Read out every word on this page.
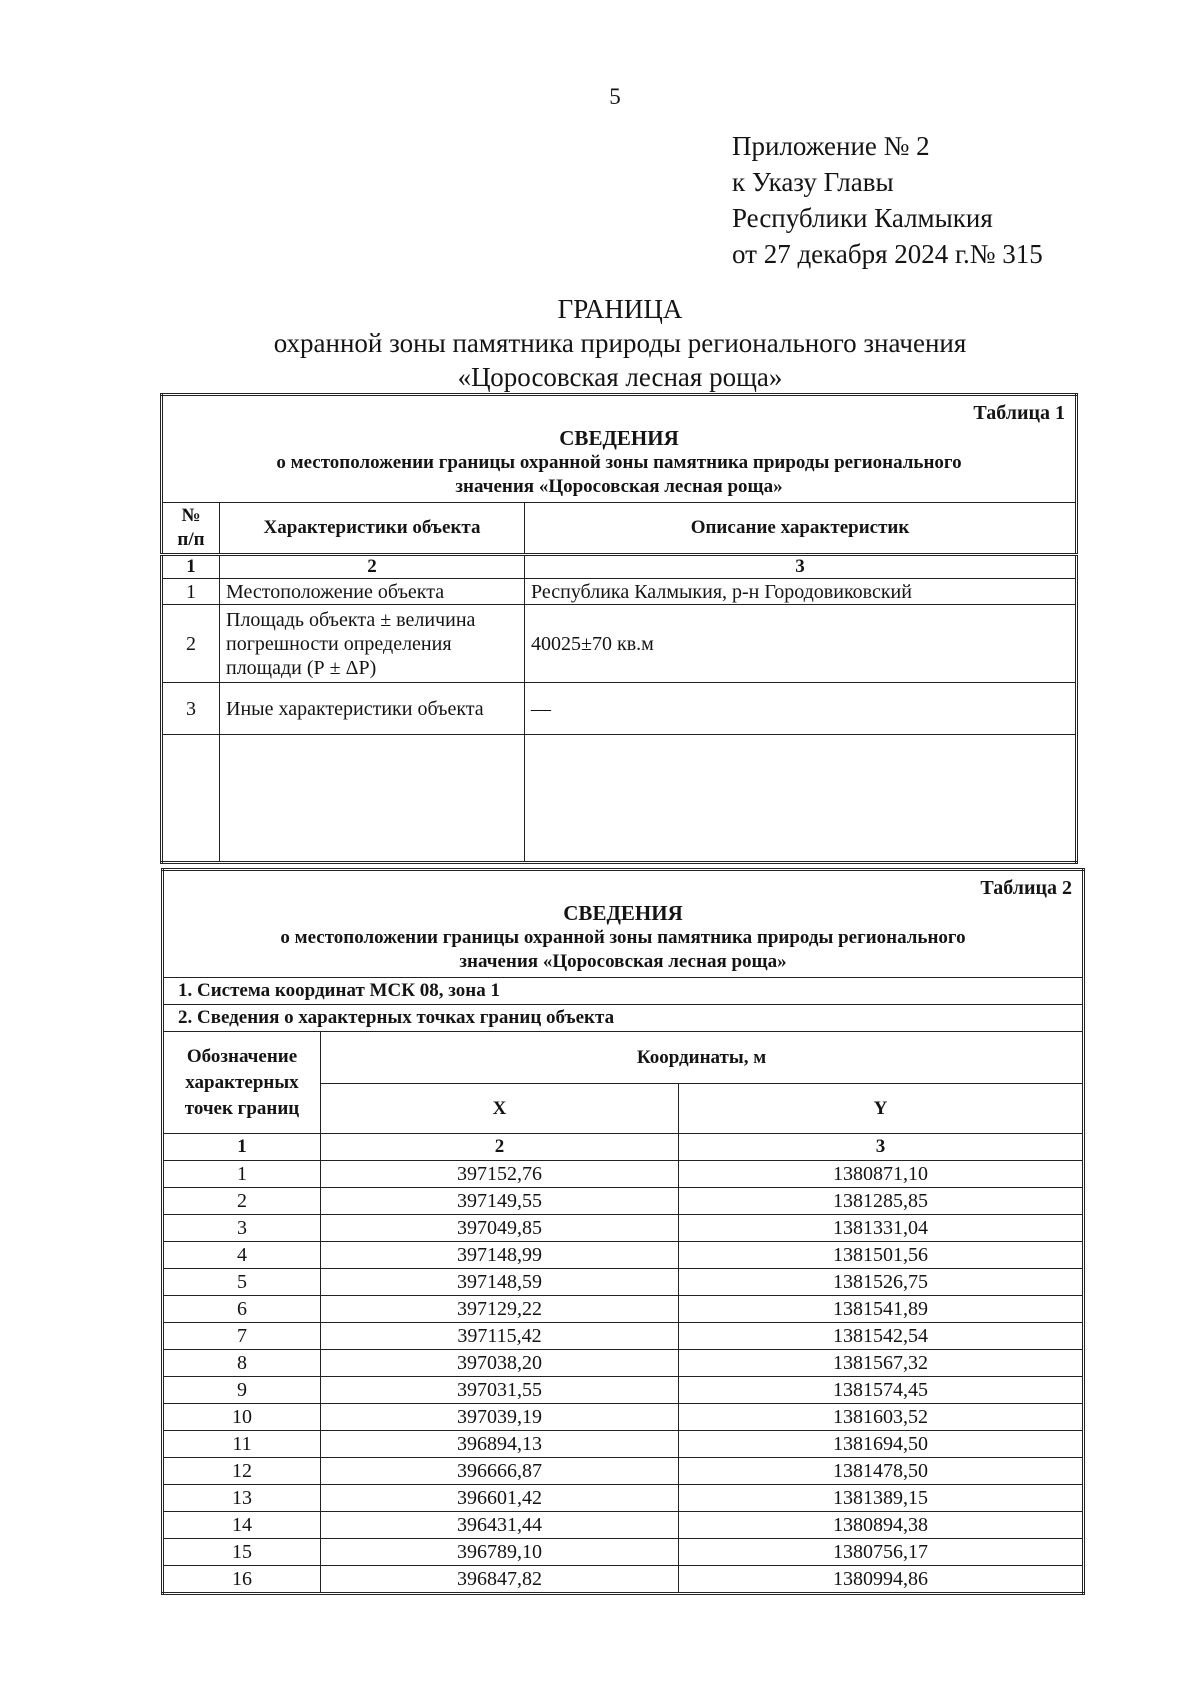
5
Приложение № 2
к Указу Главы
Республики Калмыкия
от 27 декабря 2024 г.№ 315
ГРАНИЦА
охранной зоны памятника природы регионального значения
«Цоросовская лесная роща»
Таблица 1
СВЕДЕНИЯ
о местоположении границы охранной зоны памятника природы регионального
значения «Цоросовская лесная роща»		

№
п/п	Характеристики объекта	Описание характеристик
1	2	3
1	Местоположение объекта	Республика Калмыкия, р-н Городовиковский
2	Площадь объекта ± величина погрешности определения площади (Р ± ΔР)	40025±70 кв.м
3	Иные характеристики объекта	—

Таблица 2
СВЕДЕНИЯ
о местоположении границы охранной зоны памятника природы регионального
значения «Цоросовская лесная роща»		

1. Система координат МСК 08, зона 1		
2. Сведения о характерных точках границ объекта		
Обозначение характерных точек границ	Координаты, м	
	X	Y
1	2	3
1	397152,76	1380871,10
2	397149,55	1381285,85
3	397049,85	1381331,04
4	397148,99	1381501,56
5	397148,59	1381526,75
6	397129,22	1381541,89
7	397115,42	1381542,54
8	397038,20	1381567,32
9	397031,55	1381574,45
10	397039,19	1381603,52
11	396894,13	1381694,50
12	396666,87	1381478,50
13	396601,42	1381389,15
14	396431,44	1380894,38
15	396789,10	1380756,17
16	396847,82	1380994,86
